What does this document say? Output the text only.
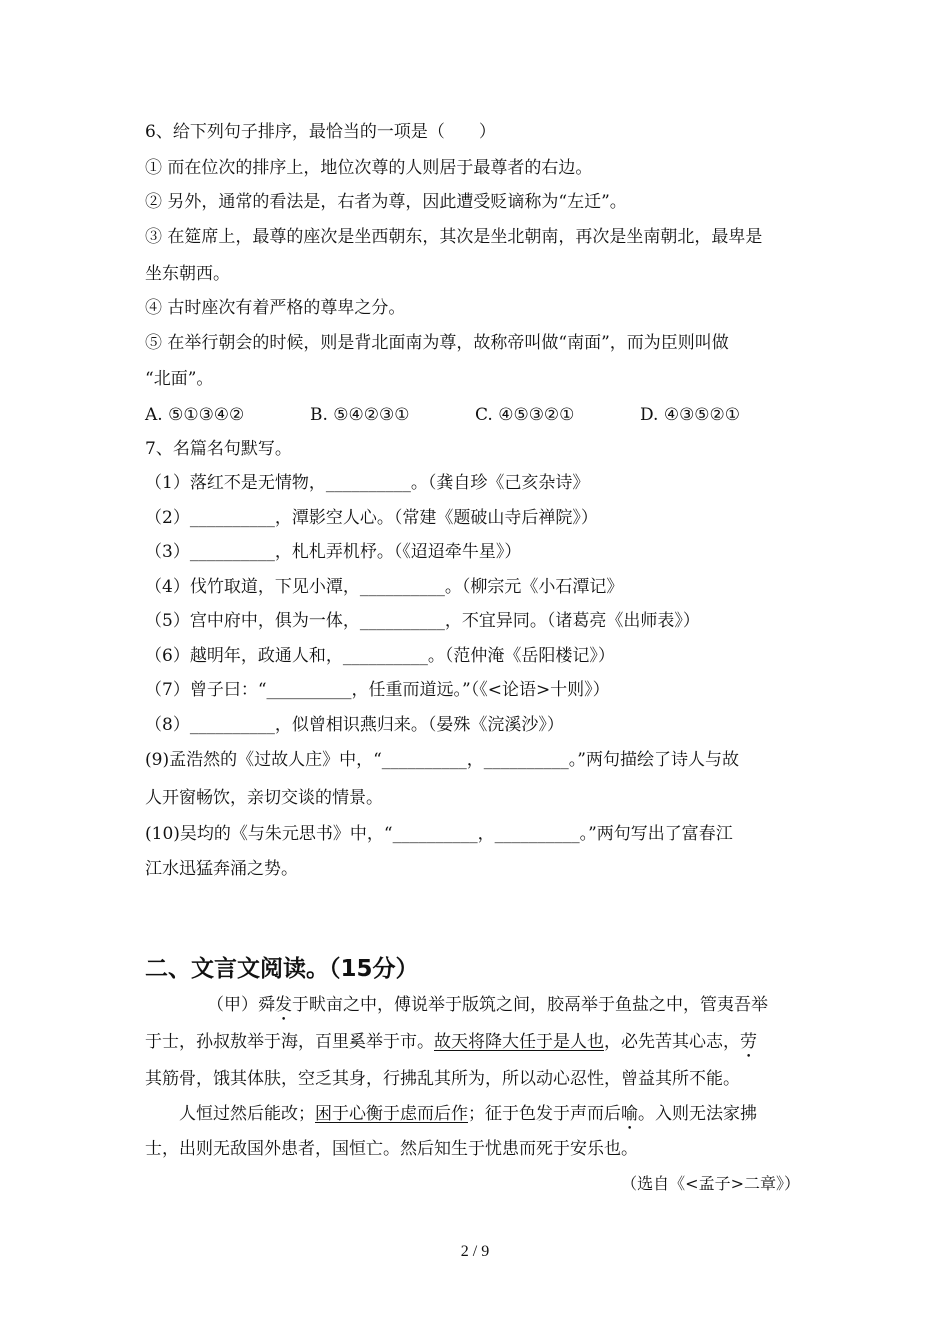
6、给下列句子排序，最恰当的一项是（　　）
① 而在位次的排序上，地位次尊的人则居于最尊者的右边。
② 另外，通常的看法是，右者为尊，因此遭受贬谪称为“左迁”。
③ 在筵席上，最尊的座次是坐西朝东，其次是坐北朝南，再次是坐南朝北，最卑是
坐东朝西。
④ 古时座次有着严格的尊卑之分。
⑤ 在举行朝会的时候，则是背北面南为尊，故称帝叫做“南面”，而为臣则叫做
“北面”。
A. ⑤①③④②	B. ⑤④②③①	C. ④⑤③②①	D. ④③⑤②①
7、名篇名句默写。
（1）落红不是无情物，__________。（龚自珍《己亥杂诗》
（2）__________，潭影空人心。（常建《题破山寺后禅院》）
（3）__________，札札弄机杼。（《迢迢牵牛星》）
（4）伐竹取道，下见小潭，__________。（柳宗元《小石潭记》
（5）宫中府中，俱为一体，__________，不宜异同。（诸葛亮《出师表》）
（6）越明年，政通人和，__________。（范仲淹《岳阳楼记》）
（7）曾子曰：“__________，任重而道远。”（《<论语>十则》）
（8）__________，似曾相识燕归来。（晏殊《浣溪沙》）
(9)孟浩然的《过故人庄》中，“__________，__________。”两句描绘了诗人与故
人开窗畅饮，亲切交谈的情景。
(10)吴均的《与朱元思书》中，“__________，__________。”两句写出了富春江
江水迅猛奔涌之势。
二、文言文阅读。（15分）
（甲）舜发于畎亩之中，傅说举于版筑之间，胶鬲举于鱼盐之中，管夷吾举
于士，孙叔敖举于海，百里奚举于市。故天将降大任于是人也，必先苦其心志，劳
其筋骨，饿其体肤，空乏其身，行拂乱其所为，所以动心忍性，曾益其所不能。
人恒过然后能改；困于心衡于虑而后作；征于色发于声而后喻。入则无法家拂
士，出则无敌国外患者，国恒亡。然后知生于忧患而死于安乐也。
（选自《<孟子>二章》）
2 / 9
